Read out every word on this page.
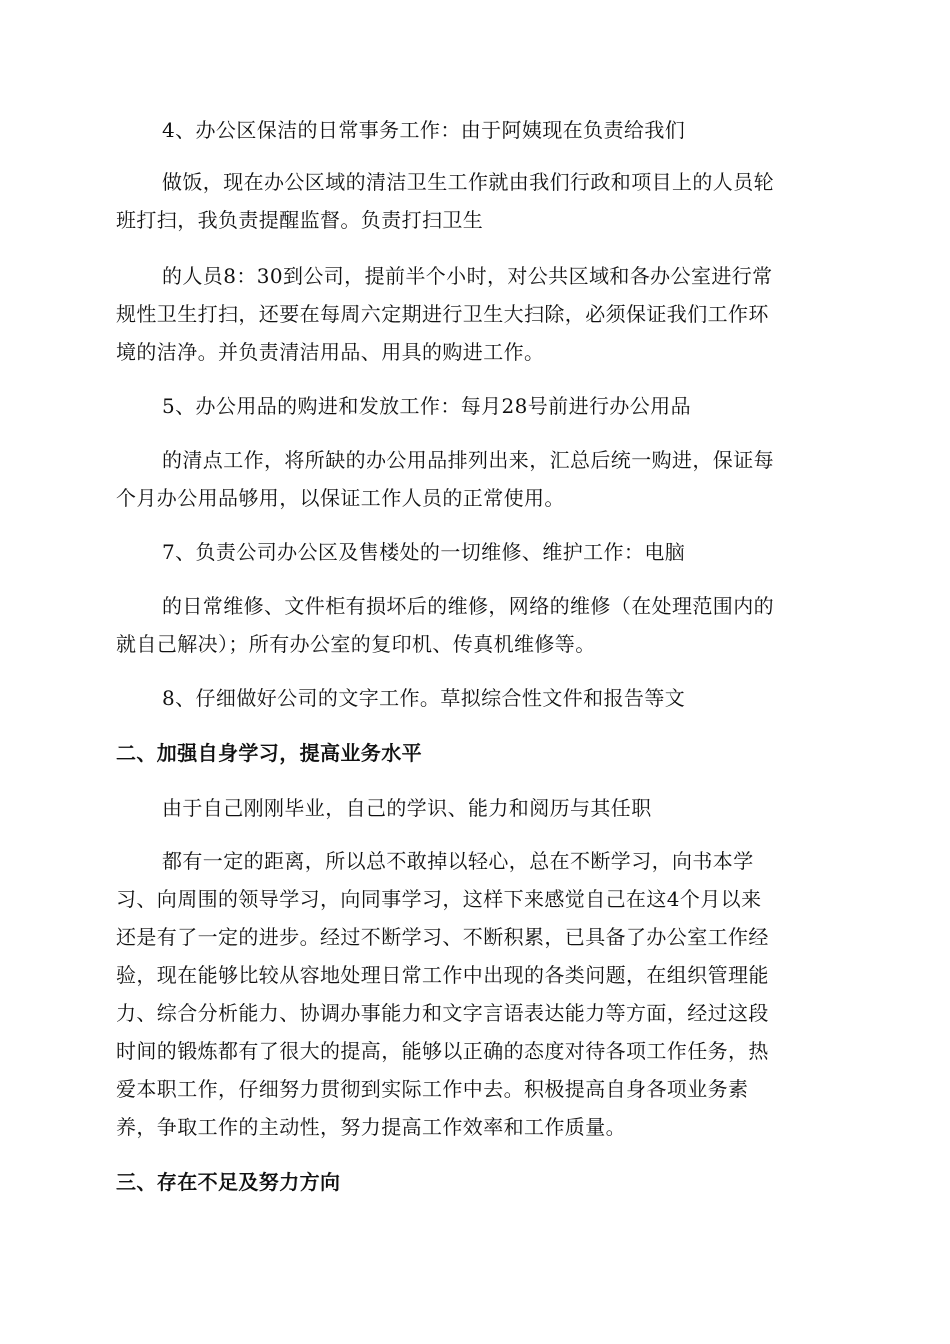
4、办公区保洁的日常事务工作：由于阿姨现在负责给我们
做饭，现在办公区域的清洁卫生工作就由我们行政和项目上的人员轮
班打扫，我负责提醒监督。负责打扫卫生
的人员8：30到公司，提前半个小时，对公共区域和各办公室进行常
规性卫生打扫，还要在每周六定期进行卫生大扫除，必须保证我们工作环
境的洁净。并负责清洁用品、用具的购进工作。
5、办公用品的购进和发放工作：每月28号前进行办公用品
的清点工作，将所缺的办公用品排列出来，汇总后统一购进，保证每
个月办公用品够用，以保证工作人员的正常使用。
7、负责公司办公区及售楼处的一切维修、维护工作：电脑
的日常维修、文件柜有损坏后的维修，网络的维修（在处理范围内的
就自己解决）；所有办公室的复印机、传真机维修等。
8、仔细做好公司的文字工作。草拟综合性文件和报告等文
二、加强自身学习，提高业务水平
由于自己刚刚毕业，自己的学识、能力和阅历与其任职
都有一定的距离，所以总不敢掉以轻心，总在不断学习，向书本学
习、向周围的领导学习，向同事学习，这样下来感觉自己在这4个月以来
还是有了一定的进步。经过不断学习、不断积累，已具备了办公室工作经
验，现在能够比较从容地处理日常工作中出现的各类问题，在组织管理能
力、综合分析能力、协调办事能力和文字言语表达能力等方面，经过这段
时间的锻炼都有了很大的提高，能够以正确的态度对待各项工作任务，热
爱本职工作，仔细努力贯彻到实际工作中去。积极提高自身各项业务素
养，争取工作的主动性，努力提高工作效率和工作质量。
三、存在不足及努力方向
